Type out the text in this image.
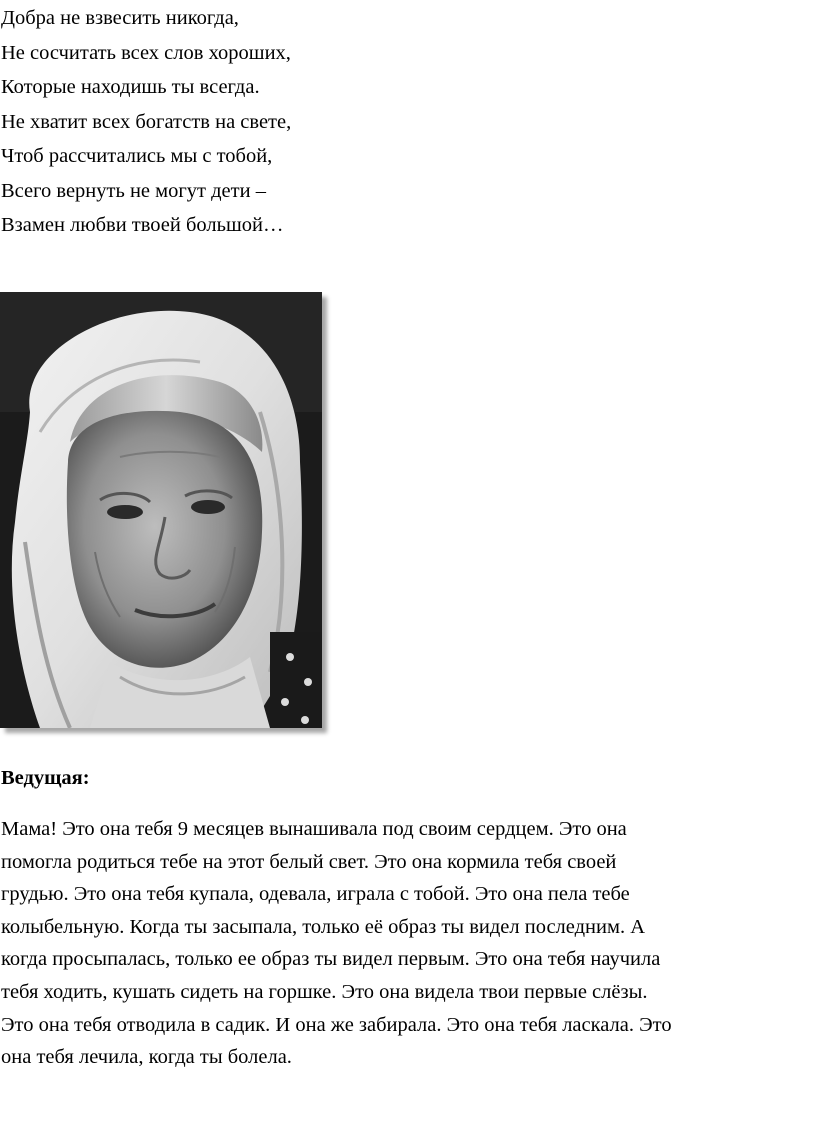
Добра не взвесить никогда,
Не сосчитать всех слов хороших,
Которые находишь ты всегда.
Не хватит всех богатств на свете,
Чтоб рассчитались мы с тобой,
Всего вернуть не могут дети –
Взамен любви твоей большой…
Ведущая:
Мама! Это она тебя 9 месяцев вынашивала под своим сердцем. Это она
помогла родиться тебе на этот белый свет. Это она кормила тебя своей
грудью. Это она тебя купала, одевала, играла с тобой. Это она пела тебе
колыбельную. Когда ты засыпала, только её образ ты видел последним. А
когда просыпалась, только ее образ ты видел первым. Это она тебя научила
тебя ходить, кушать сидеть на горшке. Это она видела твои первые слёзы.
Это она тебя отводила в садик. И она же забирала. Это она тебя ласкала. Это
она тебя лечила, когда ты болела.
